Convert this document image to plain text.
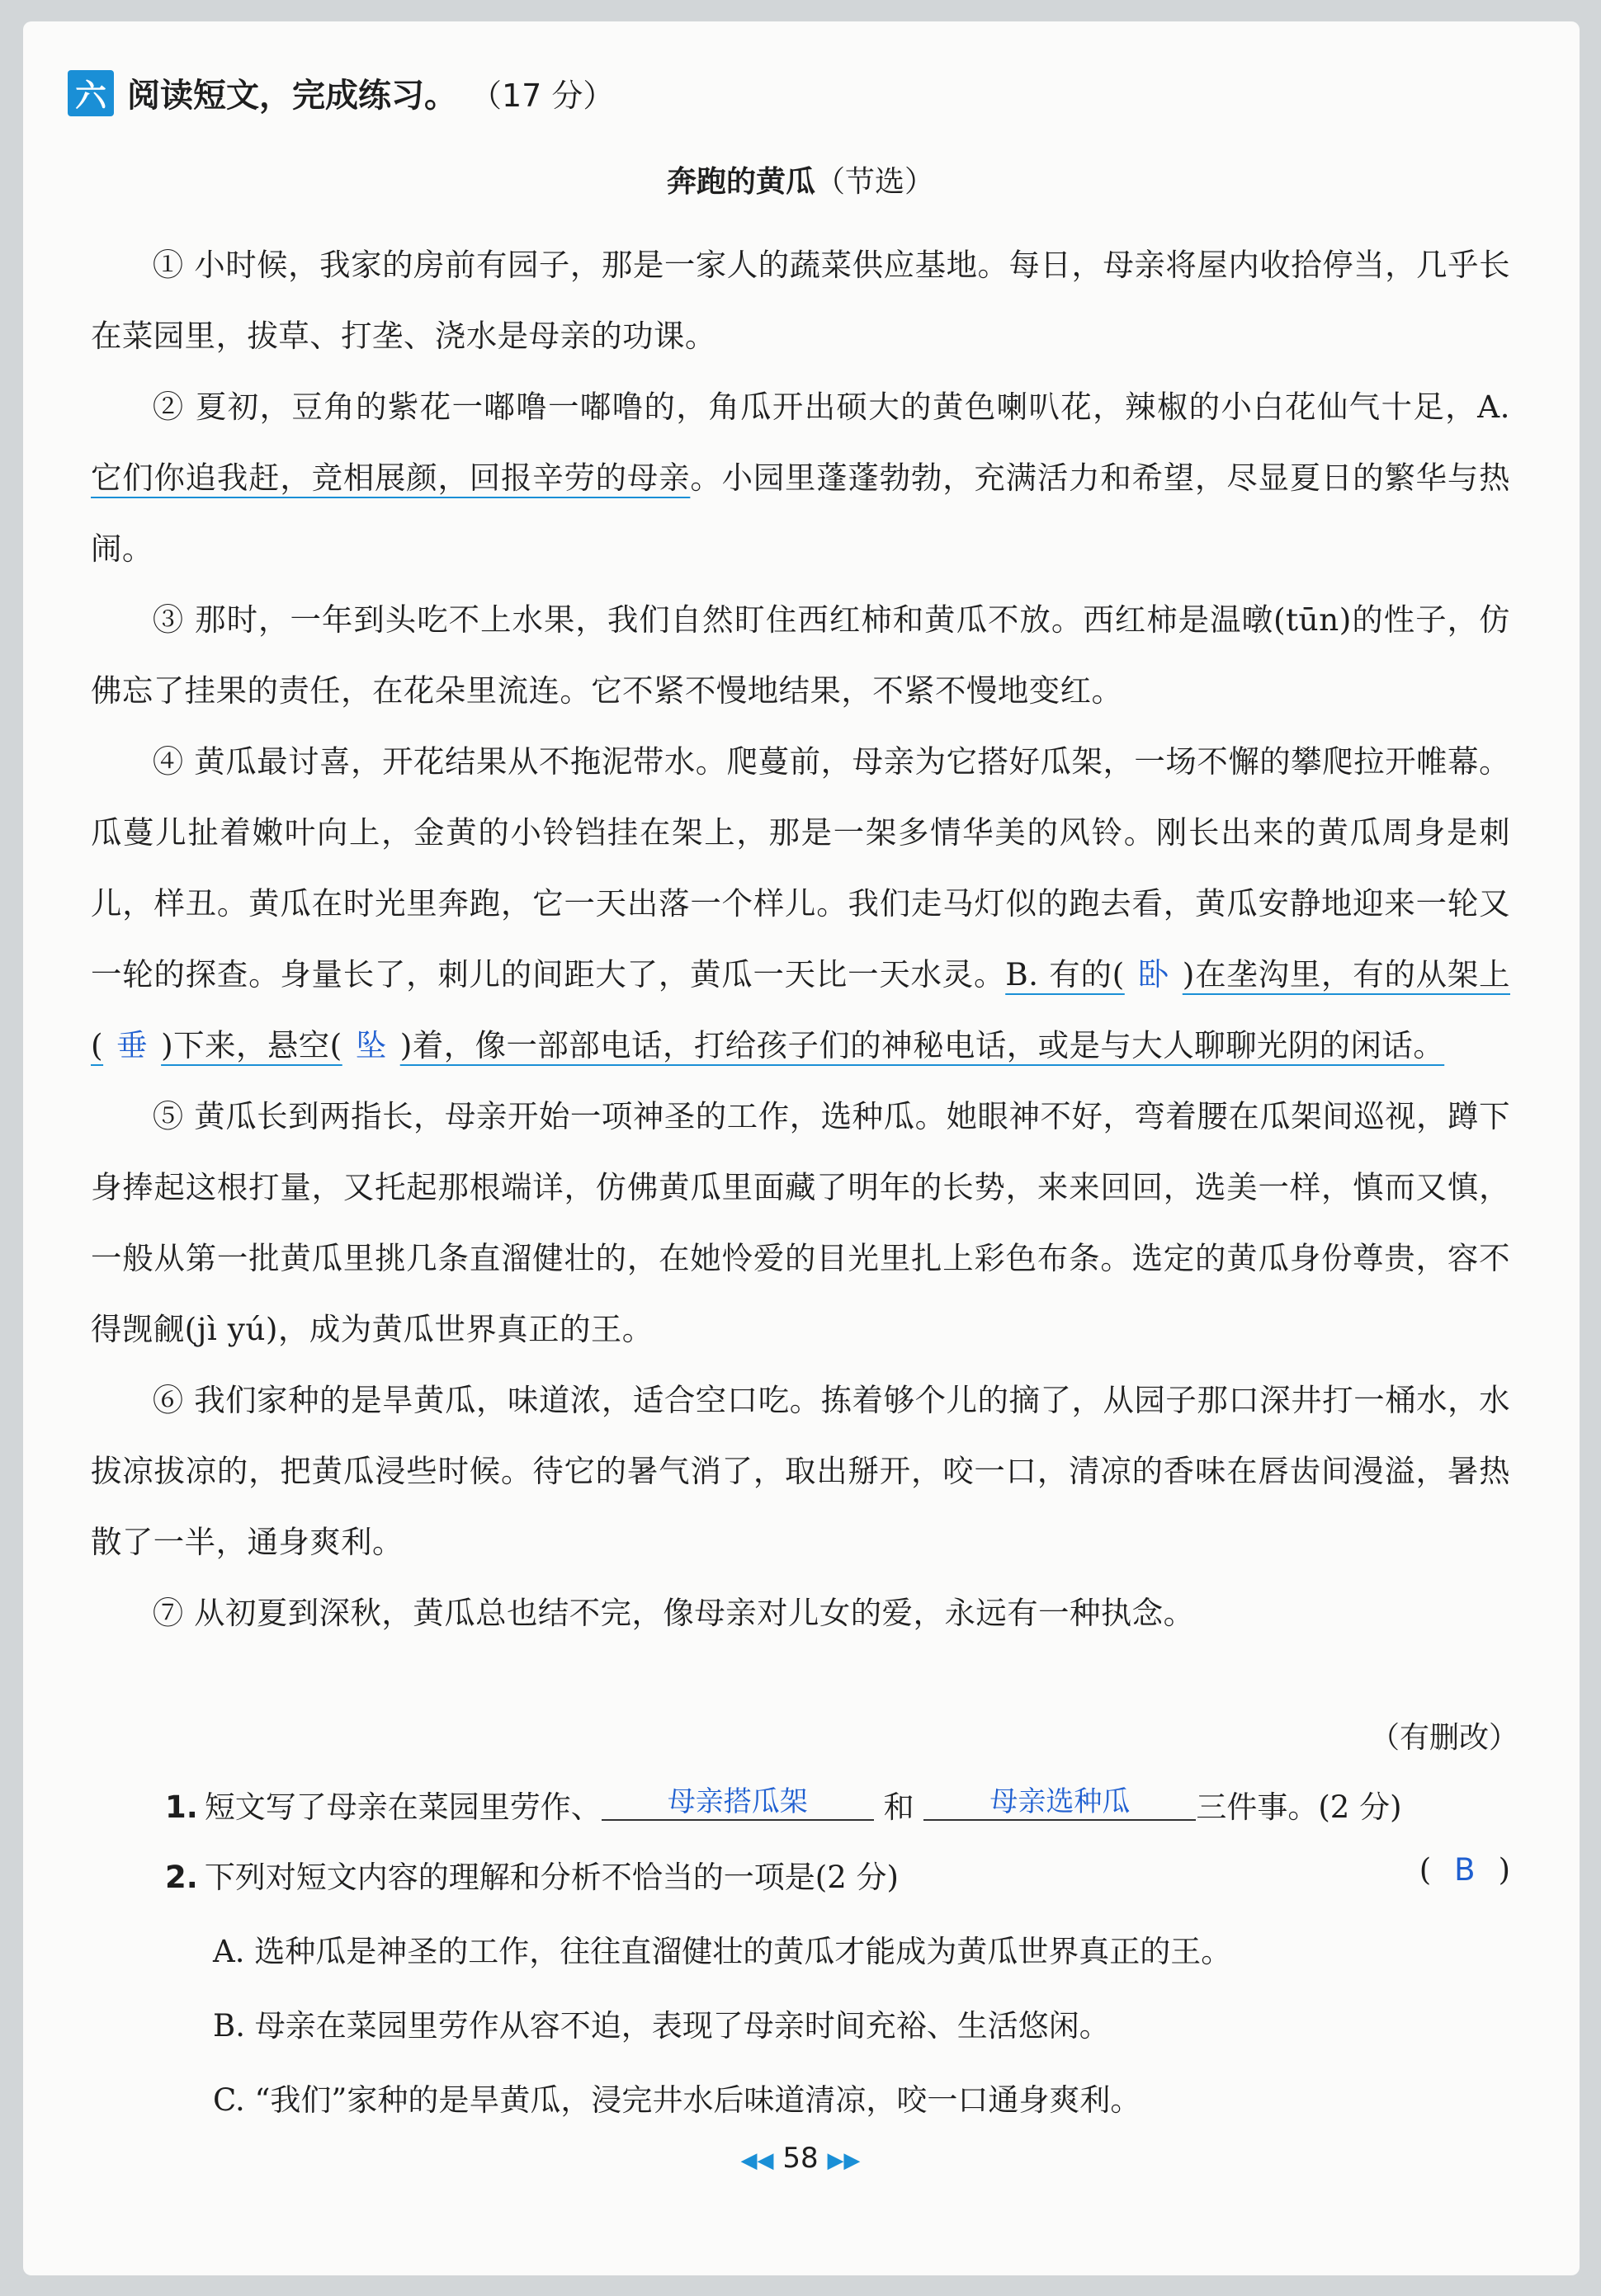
六 阅读短文，完成练习。 （17 分）
奔跑的黄瓜（节选）

① 小时候，我家的房前有园子，那是一家人的蔬菜供应基地。每日，母亲将屋内收拾停当，几乎长在菜园里，拔草、打垄、浇水是母亲的功课。

② 夏初，豆角的紫花一嘟噜一嘟噜的，角瓜开出硕大的黄色喇叭花，辣椒的小白花仙气十足，A. 它们你追我赶，竞相展颜，回报辛劳的母亲。小园里蓬蓬勃勃，充满活力和希望，尽显夏日的繁华与热闹。

③ 那时，一年到头吃不上水果，我们自然盯住西红柿和黄瓜不放。西红柿是温暾(tūn)的性子，仿佛忘了挂果的责任，在花朵里流连。它不紧不慢地结果，不紧不慢地变红。

④ 黄瓜最讨喜，开花结果从不拖泥带水。爬蔓前，母亲为它搭好瓜架，一场不懈的攀爬拉开帷幕。瓜蔓儿扯着嫩叶向上，金黄的小铃铛挂在架上，那是一架多情华美的风铃。刚长出来的黄瓜周身是刺儿，样丑。黄瓜在时光里奔跑，它一天出落一个样儿。我们走马灯似的跑去看，黄瓜安静地迎来一轮又一轮的探查。身量长了，刺儿的间距大了，黄瓜一天比一天水灵。B. 有的( 卧 )在垄沟里，有的从架上( 垂 )下来，悬空( 坠 )着，像一部部电话，打给孩子们的神秘电话，或是与大人聊聊光阴的闲话。

⑤ 黄瓜长到两指长，母亲开始一项神圣的工作，选种瓜。她眼神不好，弯着腰在瓜架间巡视，蹲下身捧起这根打量，又托起那根端详，仿佛黄瓜里面藏了明年的长势，来来回回，选美一样，慎而又慎，一般从第一批黄瓜里挑几条直溜健壮的，在她怜爱的目光里扎上彩色布条。选定的黄瓜身份尊贵，容不得觊觎(jì yú)，成为黄瓜世界真正的王。

⑥ 我们家种的是旱黄瓜，味道浓，适合空口吃。拣着够个儿的摘了，从园子那口深井打一桶水，水拔凉拔凉的，把黄瓜浸些时候。待它的暑气消了，取出掰开，咬一口，清凉的香味在唇齿间漫溢，暑热散了一半，通身爽利。

⑦ 从初夏到深秋，黄瓜总也结不完，像母亲对儿女的爱，永远有一种执念。

（有删改）
1. 短文写了母亲在菜园里劳作、 母亲搭瓜架 和	母亲选种瓜 三件事。(2 分)
2. 下列对短文内容的理解和分析不恰当的一项是(2 分)	( B )
A. 选种瓜是神圣的工作，往往直溜健壮的黄瓜才能成为黄瓜世界真正的王。
B. 母亲在菜园里劳作从容不迫，表现了母亲时间充裕、生活悠闲。
C. “我们”家种的是旱黄瓜，浸完井水后味道清凉，咬一口通身爽利。
◀◀ 58 ▶▶
